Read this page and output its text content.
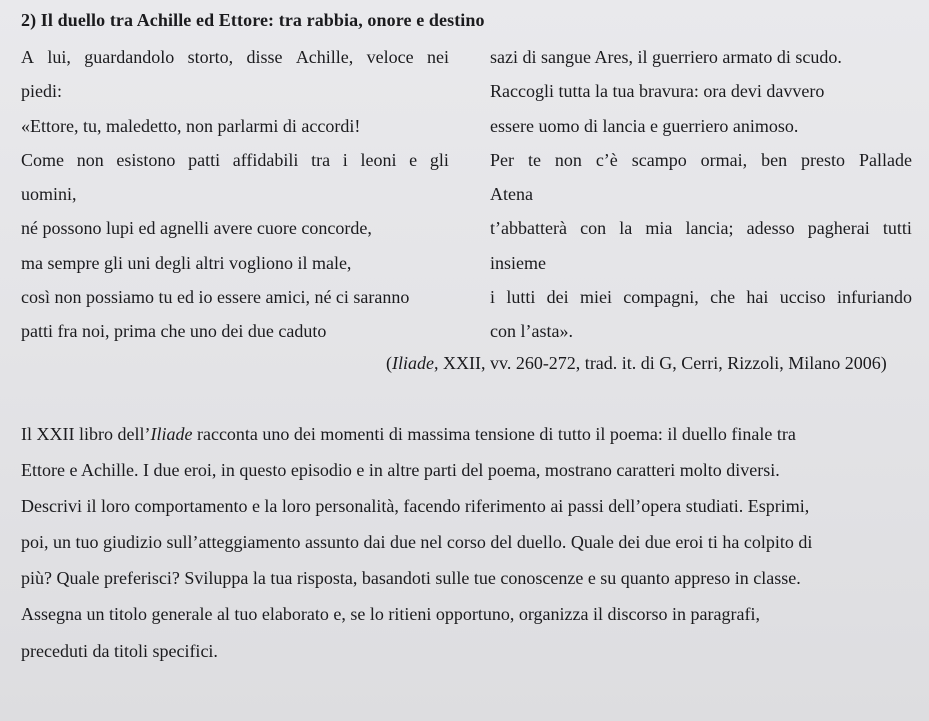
2) Il duello tra Achille ed Ettore: tra rabbia, onore e destino
A lui, guardandolo storto, disse Achille, veloce nei
piedi:
«Ettore, tu, maledetto, non parlarmi di accordi!
Come non esistono patti affidabili tra i leoni e gli
uomini,
né possono lupi ed agnelli avere cuore concorde,
ma sempre gli uni degli altri vogliono il male,
così non possiamo tu ed io essere amici, né ci saranno
patti fra noi, prima che uno dei due caduto
sazi di sangue Ares, il guerriero armato di scudo.
Raccogli tutta la tua bravura: ora devi davvero
essere uomo di lancia e guerriero animoso.
Per te non c’è scampo ormai, ben presto Pallade
Atena
t’abbatterà con la mia lancia; adesso pagherai tutti
insieme
i lutti dei miei compagni, che hai ucciso infuriando
con l’asta».
(Iliade, XXII, vv. 260-272, trad. it. di G, Cerri, Rizzoli, Milano 2006)
Il XXII libro dell’Iliade racconta uno dei momenti di massima tensione di tutto il poema: il duello finale tra
Ettore e Achille. I due eroi, in questo episodio e in altre parti del poema, mostrano caratteri molto diversi.
Descrivi il loro comportamento e la loro personalità, facendo riferimento ai passi dell’opera studiati. Esprimi,
poi, un tuo giudizio sull’atteggiamento assunto dai due nel corso del duello. Quale dei due eroi ti ha colpito di
più? Quale preferisci? Sviluppa la tua risposta, basandoti sulle tue conoscenze e su quanto appreso in classe.
Assegna un titolo generale al tuo elaborato e, se lo ritieni opportuno, organizza il discorso in paragrafi,
preceduti da titoli specifici.
